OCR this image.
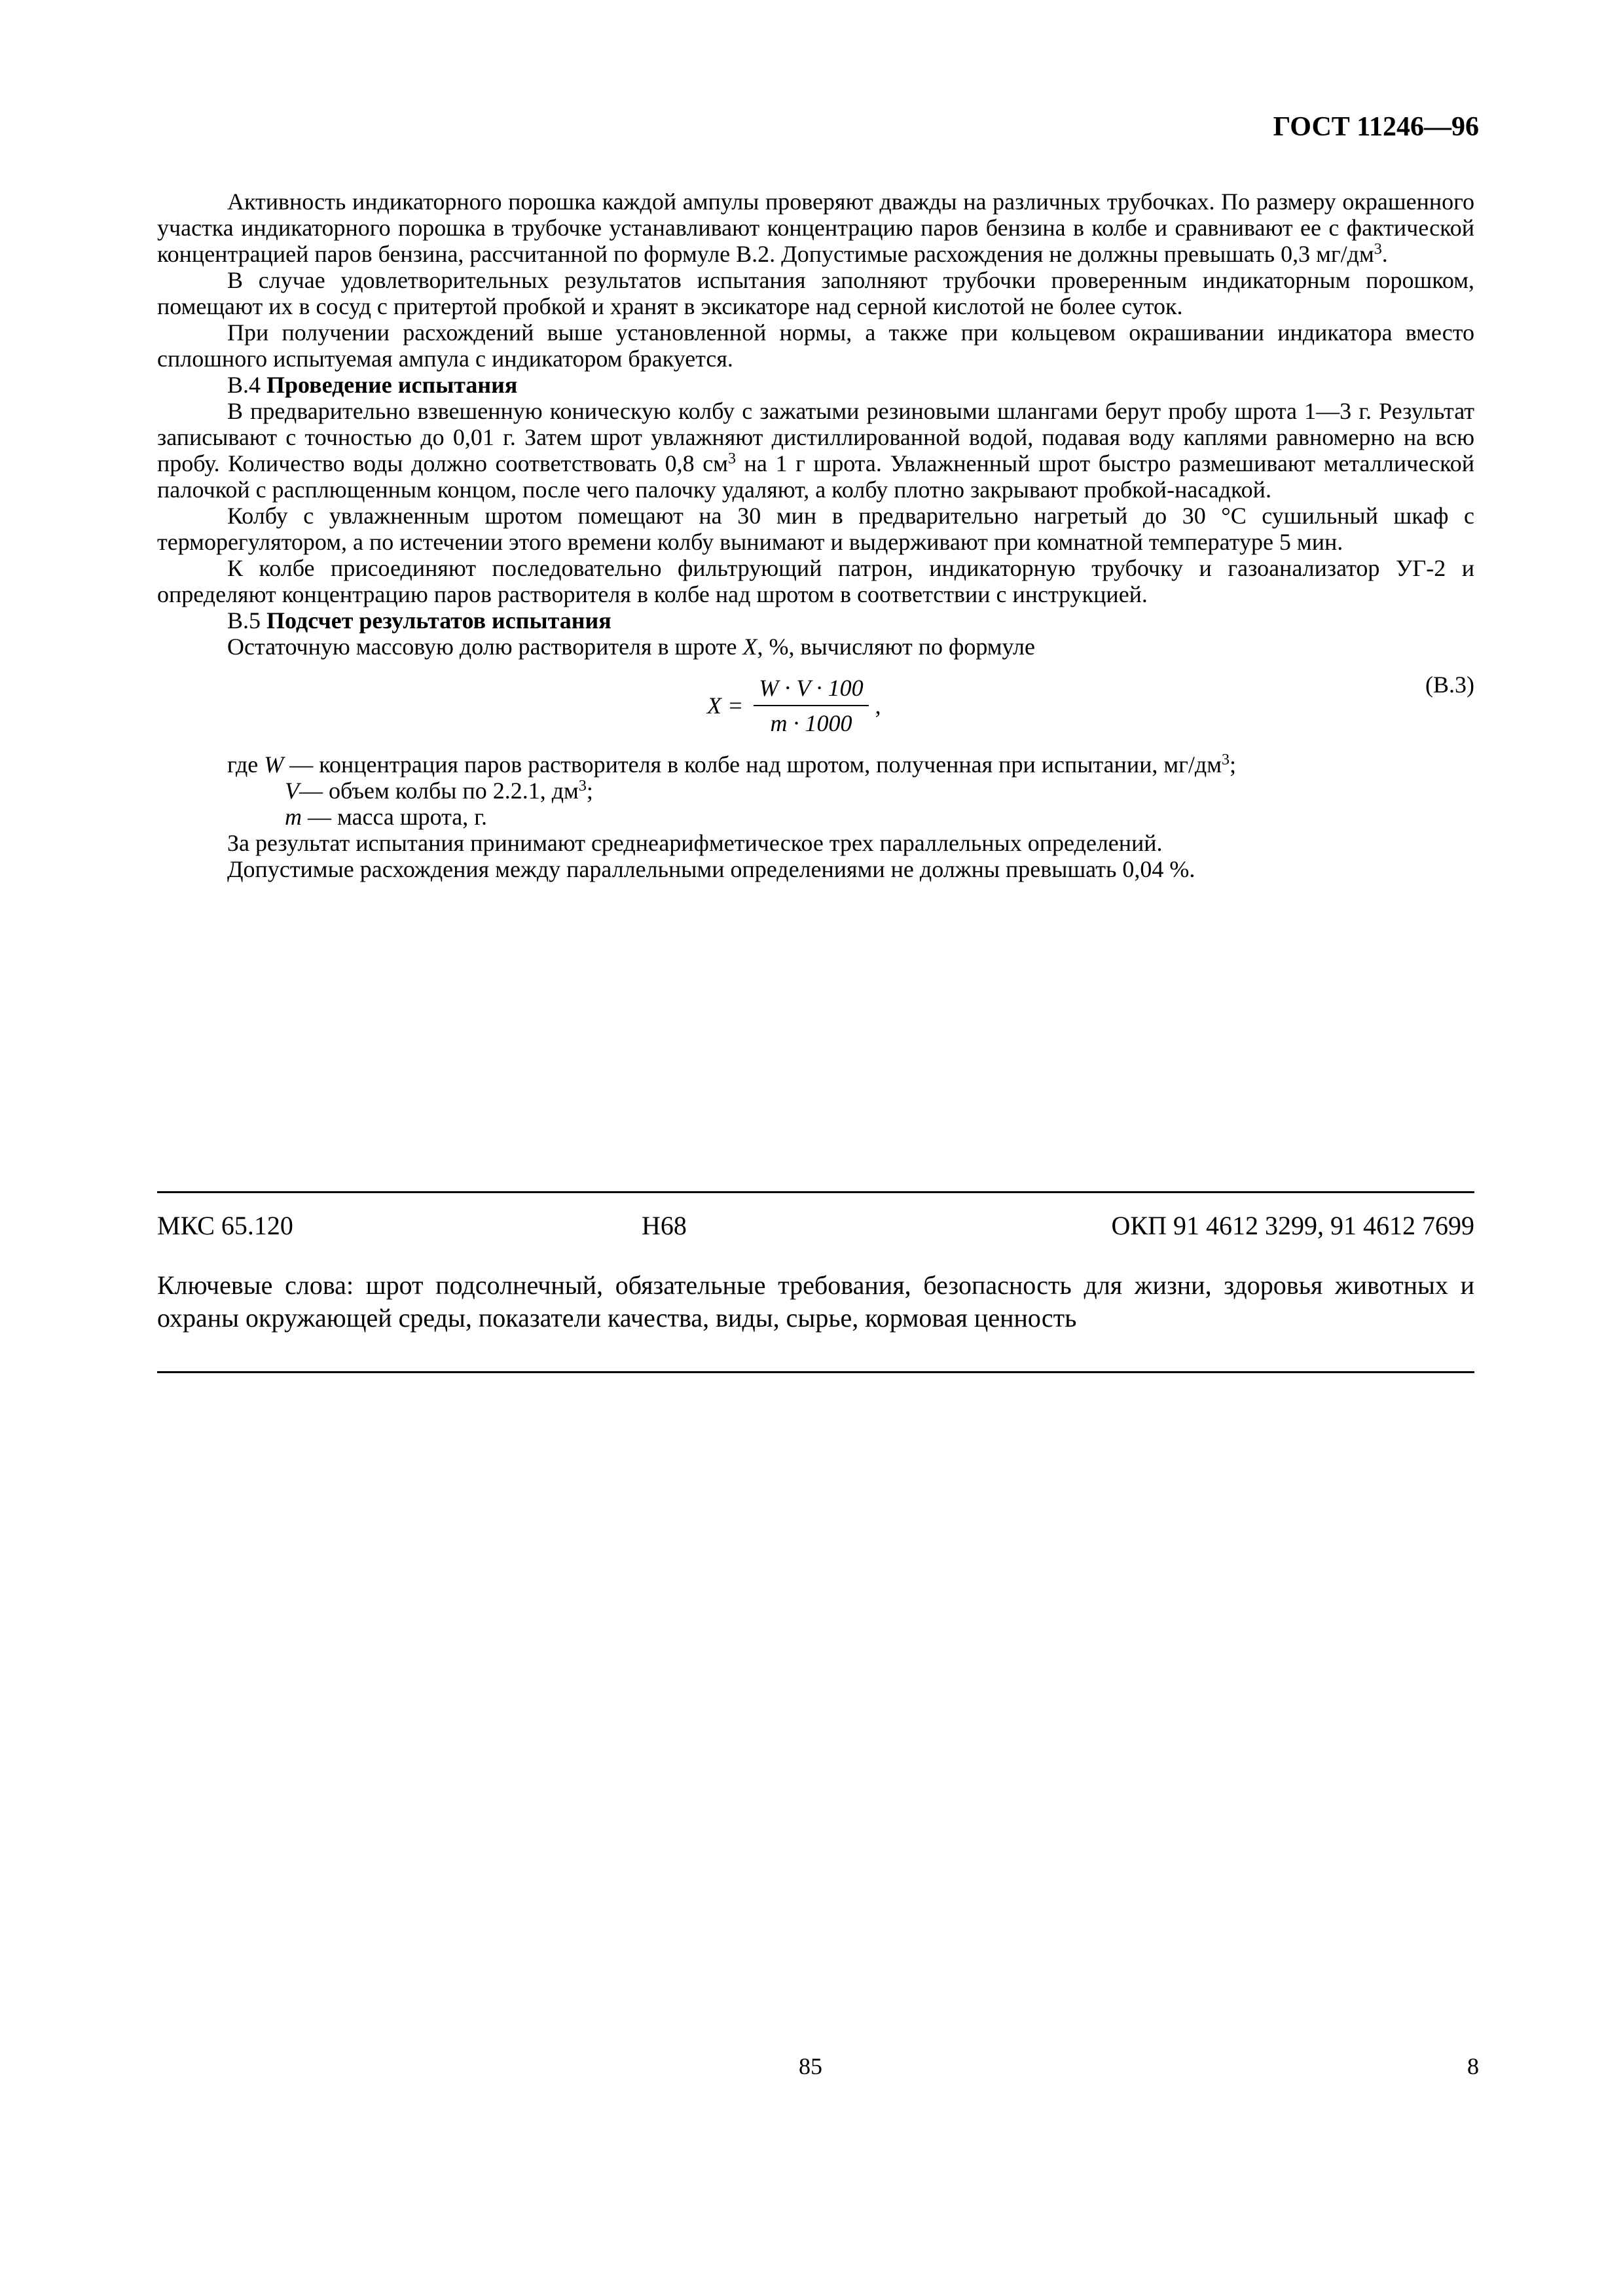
ГОСТ 11246—96

Активность индикаторного порошка каждой ампулы проверяют дважды на различных трубочках. По размеру окрашенного участка индикаторного порошка в трубочке устанавливают концентрацию паров бензина в колбе и сравнивают ее с фактической концентрацией паров бензина, рассчитанной по формуле В.2. Допустимые расхождения не должны превышать 0,3 $мг/дм^3$.

В случае удовлетворительных результатов испытания заполняют трубочки проверенным индикаторным порошком, помещают их в сосуд с притертой пробкой и хранят в эксикаторе над серной кислотой не более суток.

При получении расхождений выше установленной нормы, а также при кольцевом окрашивании индикатора вместо сплошного испытуемая ампула с индикатором бракуется.

В.4 Проведение испытания

В предварительно взвешенную коническую колбу с зажатыми резиновыми шлангами берут пробу шрота 1—3 г. Результат записывают с точностью до 0,01 г. Затем шрот увлажняют дистиллированной водой, подавая воду каплями равномерно на всю пробу. Количество воды должно соответствовать 0,8 $см^3$ на 1 г шрота. Увлажненный шрот быстро размешивают металлической палочкой с расплющенным концом, после чего палочку удаляют, а колбу плотно закрывают пробкой-насадкой.

Колбу с увлажненным шротом помещают на 30 мин в предварительно нагретый до 30 °С сушильный шкаф с терморегулятором, а по истечении этого времени колбу вынимают и выдерживают при комнатной температуре 5 мин.

К колбе присоединяют последовательно фильтрующий патрон, индикаторную трубочку и газоанализатор УГ-2 и определяют концентрацию паров растворителя в колбе над шротом в соответствии с инструкцией.

В.5 Подсчет результатов испытания

Остаточную массовую долю растворителя в шроте X, %, вычисляют по формуле

$X = \frac{W \cdot V \cdot 100}{m \cdot 1000}$ ,
(В.3)

где W — концентрация паров растворителя в колбе над шротом, полученная при испытании, $мг/дм^3$;

V— объем колбы по 2.2.1, $дм^3$;

m — масса шрота, г.

За результат испытания принимают среднеарифметическое трех параллельных определений.

Допустимые расхождения между параллельными определениями не должны превышать 0,04 %.

МКС 65.120	Н68	ОКП 91 4612 3299, 91 4612 7699
Ключевые слова: шрот подсолнечный, обязательные требования, безопасность для жизни, здоровья животных и охраны окружающей среды, показатели качества, виды, сырье, кормовая ценность
85	8
